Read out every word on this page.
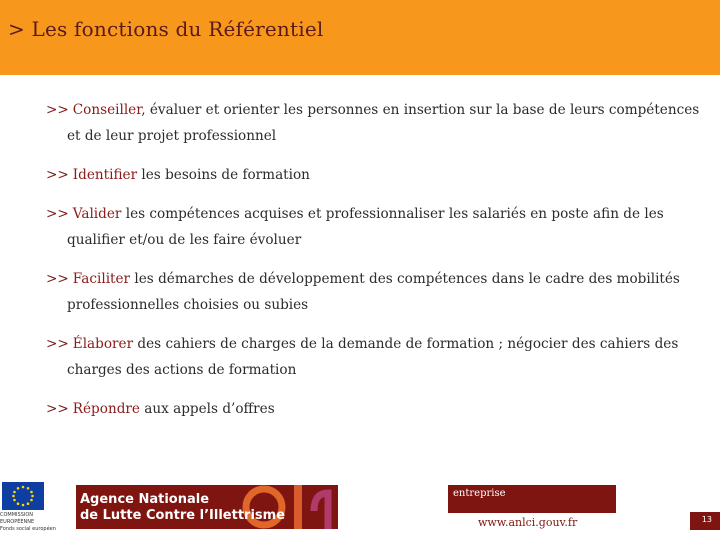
> Les fonctions du Référentiel
>> Conseiller, évaluer et orienter les personnes en insertion sur la base de leurs compétences et de leur projet professionnel
>> Identifier les besoins de formation
>> Valider les compétences acquises et professionnaliser les salariés en poste afin de les qualifier et/ou de les faire évoluer
>> Faciliter les démarches de développement des compétences dans le cadre des mobilités professionnelles choisies ou subies
>> Élaborer des cahiers de charges de la demande de formation ; négocier des cahiers des charges des actions de formation
>> Répondre aux appels d’offres
COMMISSION EUROPÉENNE
Fonds social européen
Agence Nationale
de Lutte Contre l’Illettrisme
entreprise
www.anlci.gouv.fr	13
